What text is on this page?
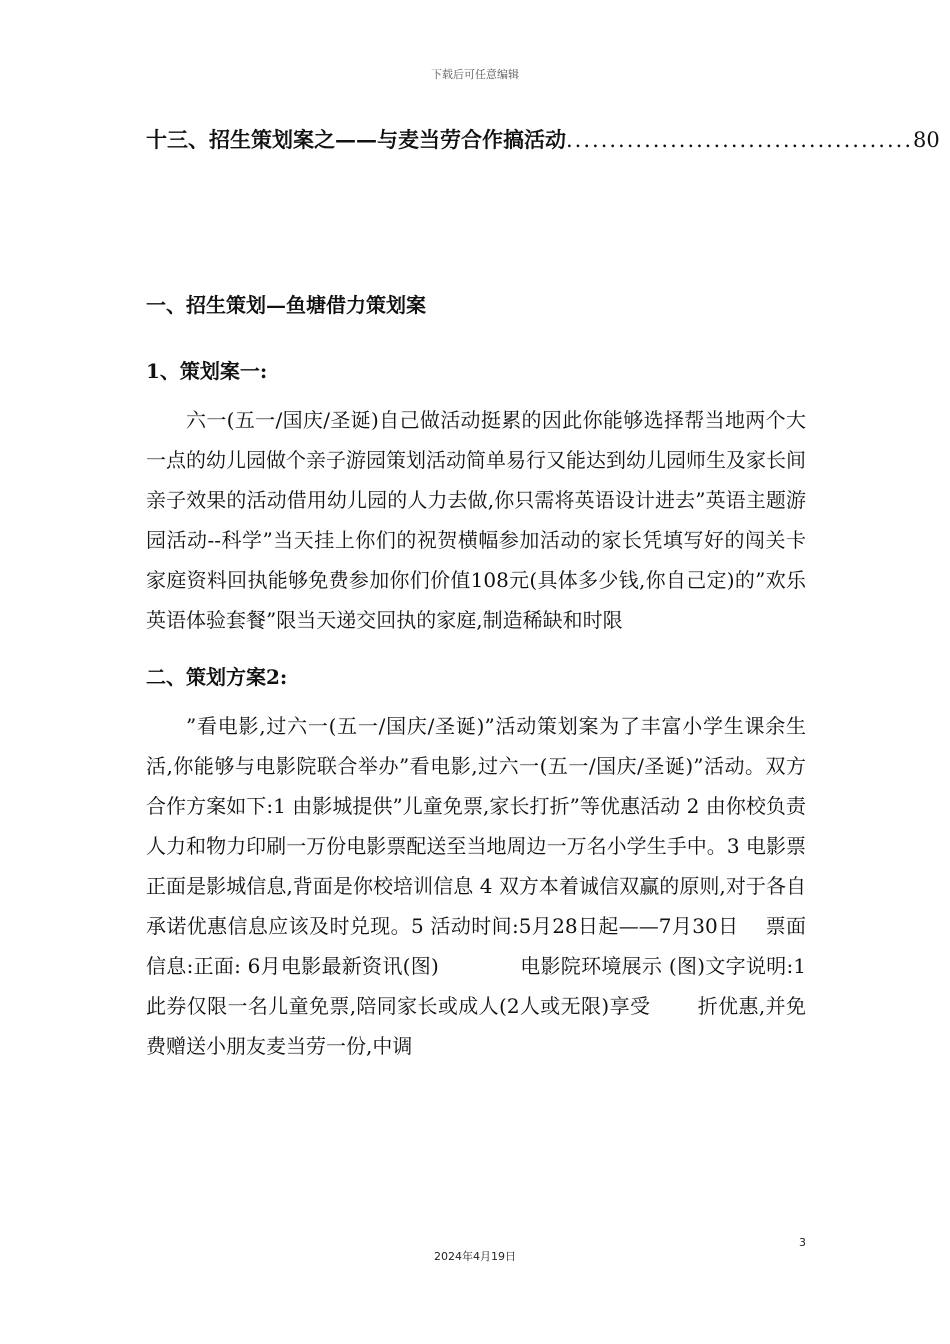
下载后可任意编辑
十三、招生策划案之——与麦当劳合作搞活动 ........................................ 80
一、招生策划—鱼塘借力策划案
1、策划案一:

六一(五一/国庆/圣诞)自己做活动挺累的因此你能够选择帮当地两个大一点的幼儿园做个亲子游园策划活动简单易行又能达到幼儿园师生及家长间亲子效果的活动借用幼儿园的人力去做,你只需将英语设计进去”英语主题游园活动--科学”当天挂上你们的祝贺横幅参加活动的家长凭填写好的闯关卡家庭资料回执能够免费参加你们价值108元(具体多少钱,你自己定)的”欢乐英语体验套餐”限当天递交回执的家庭,制造稀缺和时限

二、策划方案2:

”看电影,过六一(五一/国庆/圣诞)”活动策划案为了丰富小学生课余生活,你能够与电影院联合举办”看电影,过六一(五一/国庆/圣诞)”活动。双方合作方案如下:1 由影城提供”儿童免票,家长打折”等优惠活动 2 由你校负责人力和物力印刷一万份电影票配送至当地周边一万名小学生手中。3 电影票正面是影城信息,背面是你校培训信息 4 双方本着诚信双赢的原则,对于各自承诺优惠信息应该及时兑现。5 活动时间:5月28日起——7月30日　 票面信息:正面: 6月电影最新资讯(图)　　　　电影院环境展示 (图)文字说明:1 此券仅限一名儿童免票,陪同家长或成人(2人或无限)享受　　 折优惠,并免费赠送小朋友麦当劳一份,中调

3
2024年4月19日
